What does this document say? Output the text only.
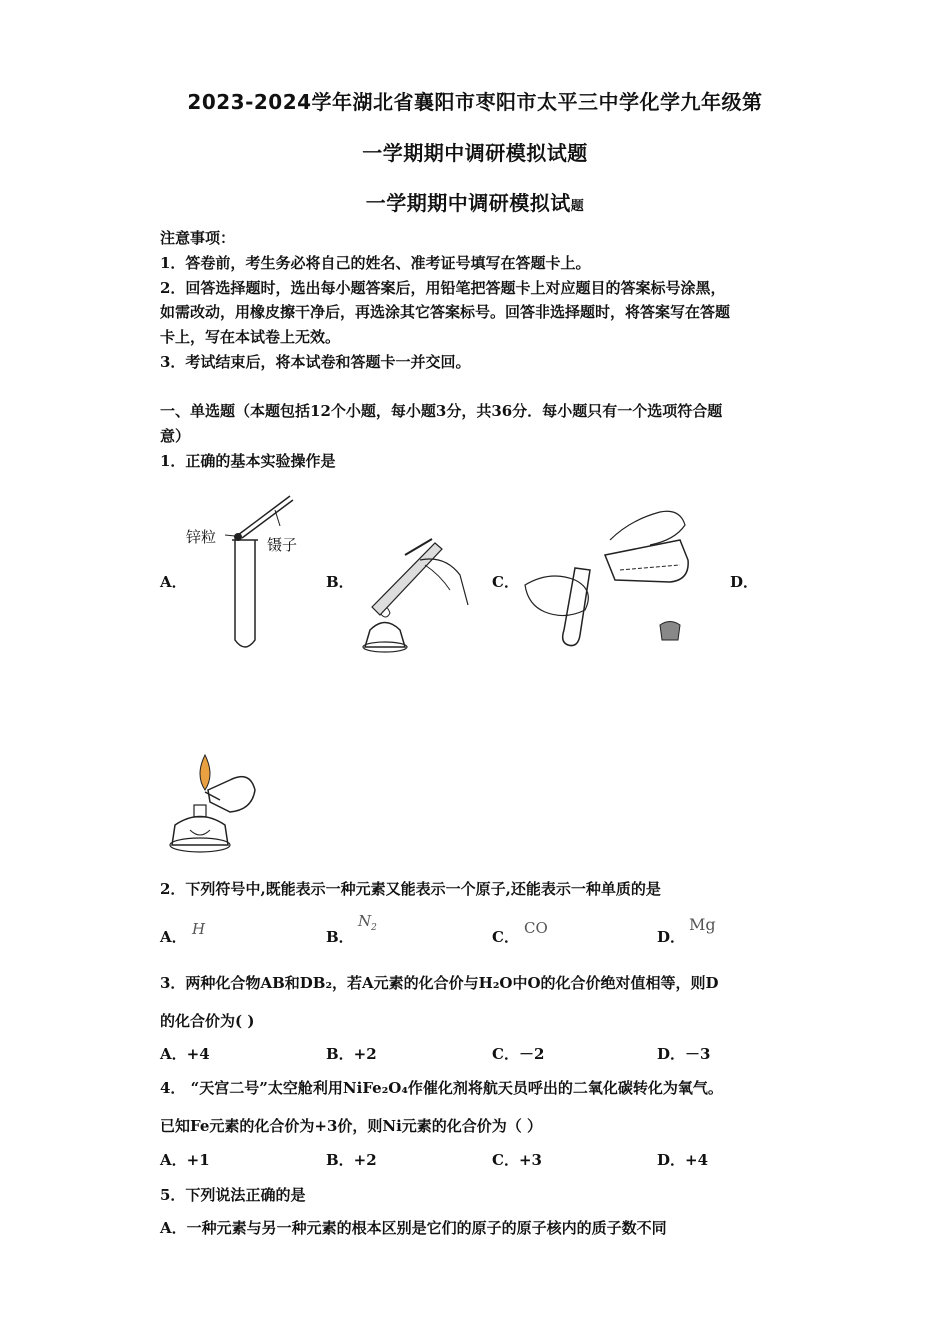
2023-2024学年湖北省襄阳市枣阳市太平三中学化学九年级第
一学期期中调研模拟试题
一学期期中调研模拟试题
注意事项：
1．答卷前，考生务必将自己的姓名、准考证号填写在答题卡上。
2．回答选择题时，选出每小题答案后，用铅笔把答题卡上对应题目的答案标号涂黑，
如需改动，用橡皮擦干净后，再选涂其它答案标号。回答非选择题时，将答案写在答题
卡上，写在本试卷上无效。
3．考试结束后，将本试卷和答题卡一并交回。
一、单选题（本题包括12个小题，每小题3分，共36分．每小题只有一个选项符合题
意）
1．正确的基本实验操作是
A．	B．	C．	D．
锌粒	镊子
2．下列符号中,既能表示一种元素又能表示一个原子,还能表示一种单质的是
A． H	B．
$N_2$	C． CO	D．
Mg
3．两种化合物AB和DB₂，若A元素的化合价与H₂O中O的化合价绝对值相等，则D
的化合价为( )
A．+4	B．+2	C．－2	D．－3
4． “天宫二号”太空舱利用NiFe₂O₄作催化剂将航天员呼出的二氧化碳转化为氧气。
已知Fe元素的化合价为+3价，则Ni元素的化合价为（ ）
A．+1	B．+2	C．+3	D．+4
5．下列说法正确的是
A．一种元素与另一种元素的根本区别是它们的原子的原子核内的质子数不同
